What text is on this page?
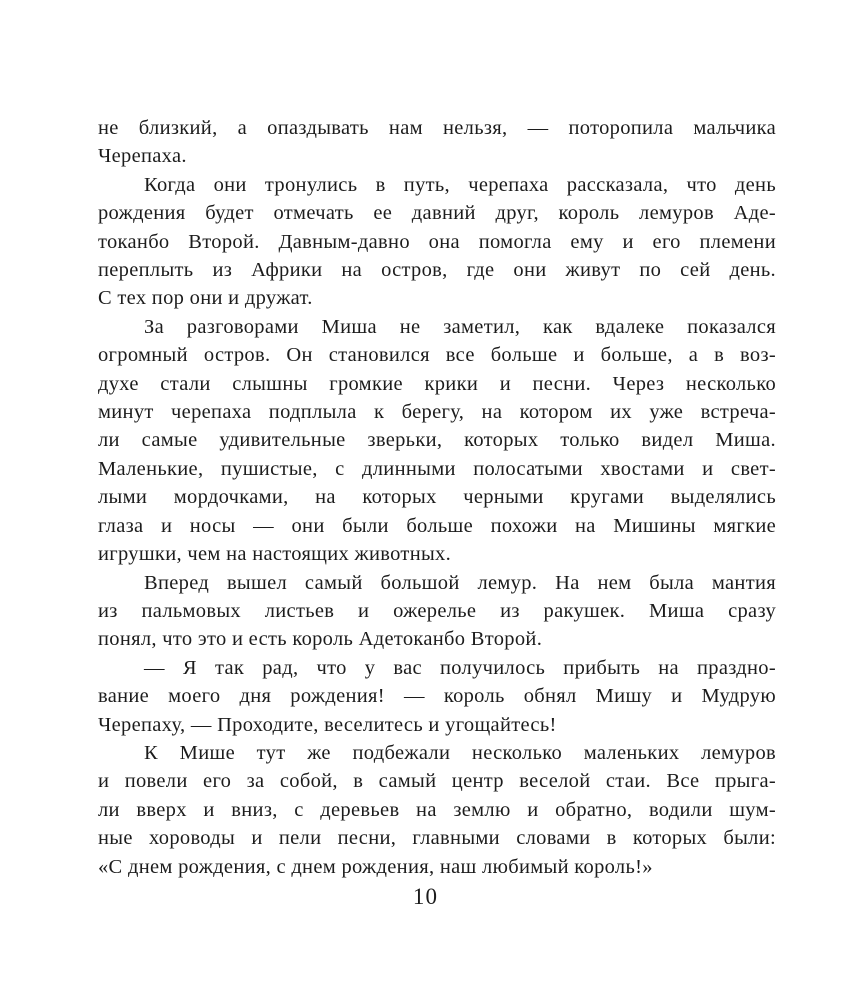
не близкий, а опаздывать нам нельзя, — поторопила мальчика
Черепаха.
Когда они тронулись в путь, черепаха рассказала, что день
рождения будет отмечать ее давний друг, король лемуров Аде-
токанбо Второй. Давным-давно она помогла ему и его племени
переплыть из Африки на остров, где они живут по сей день.
С тех пор они и дружат.
За разговорами Миша не заметил, как вдалеке показался
огромный остров. Он становился все больше и больше, а в воз-
духе стали слышны громкие крики и песни. Через несколько
минут черепаха подплыла к берегу, на котором их уже встреча-
ли самые удивительные зверьки, которых только видел Миша.
Маленькие, пушистые, с длинными полосатыми хвостами и свет-
лыми мордочками, на которых черными кругами выделялись
глаза и носы — они были больше похожи на Мишины мягкие
игрушки, чем на настоящих животных.
Вперед вышел самый большой лемур. На нем была мантия
из пальмовых листьев и ожерелье из ракушек. Миша сразу
понял, что это и есть король Адетоканбо Второй.
— Я так рад, что у вас получилось прибыть на праздно-
вание моего дня рождения! — король обнял Мишу и Мудрую
Черепаху, — Проходите, веселитесь и угощайтесь!
К Мише тут же подбежали несколько маленьких лемуров
и повели его за собой, в самый центр веселой стаи. Все прыга-
ли вверх и вниз, с деревьев на землю и обратно, водили шум-
ные хороводы и пели песни, главными словами в которых были:
«С днем рождения, с днем рождения, наш любимый король!»
10
